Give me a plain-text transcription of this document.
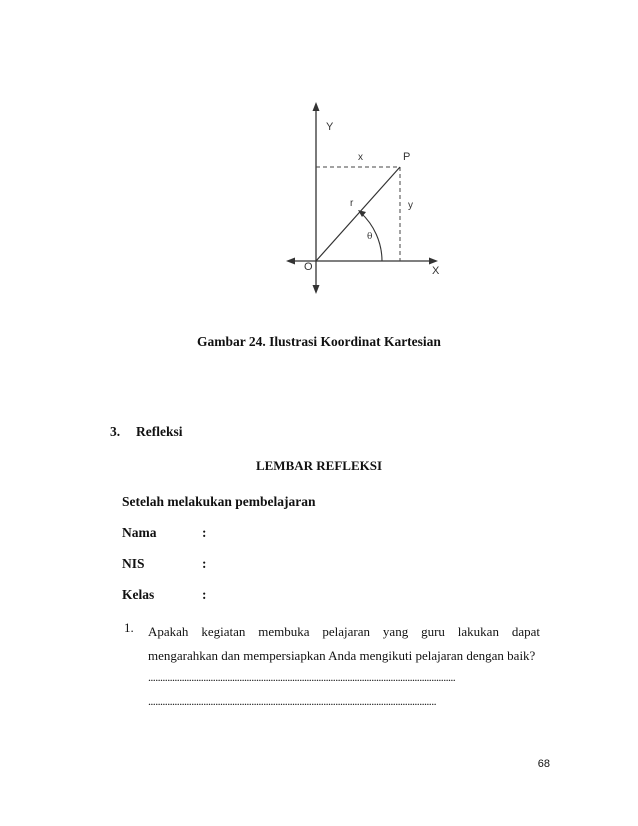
Y
X
O
P
x
y
r
θ
Gambar 24. Ilustrasi Koordinat Kartesian
3. Refleksi
LEMBAR REFLEKSI
Setelah melakukan pembelajaran
Nama	:
NIS	:
Kelas	:
1. Apakah kegiatan membuka pelajaran yang guru lakukan dapat
mengarahkan dan mempersiapkan Anda mengikuti pelajaran dengan baik?
................................................................................................................................
........................................................................................................................
68
